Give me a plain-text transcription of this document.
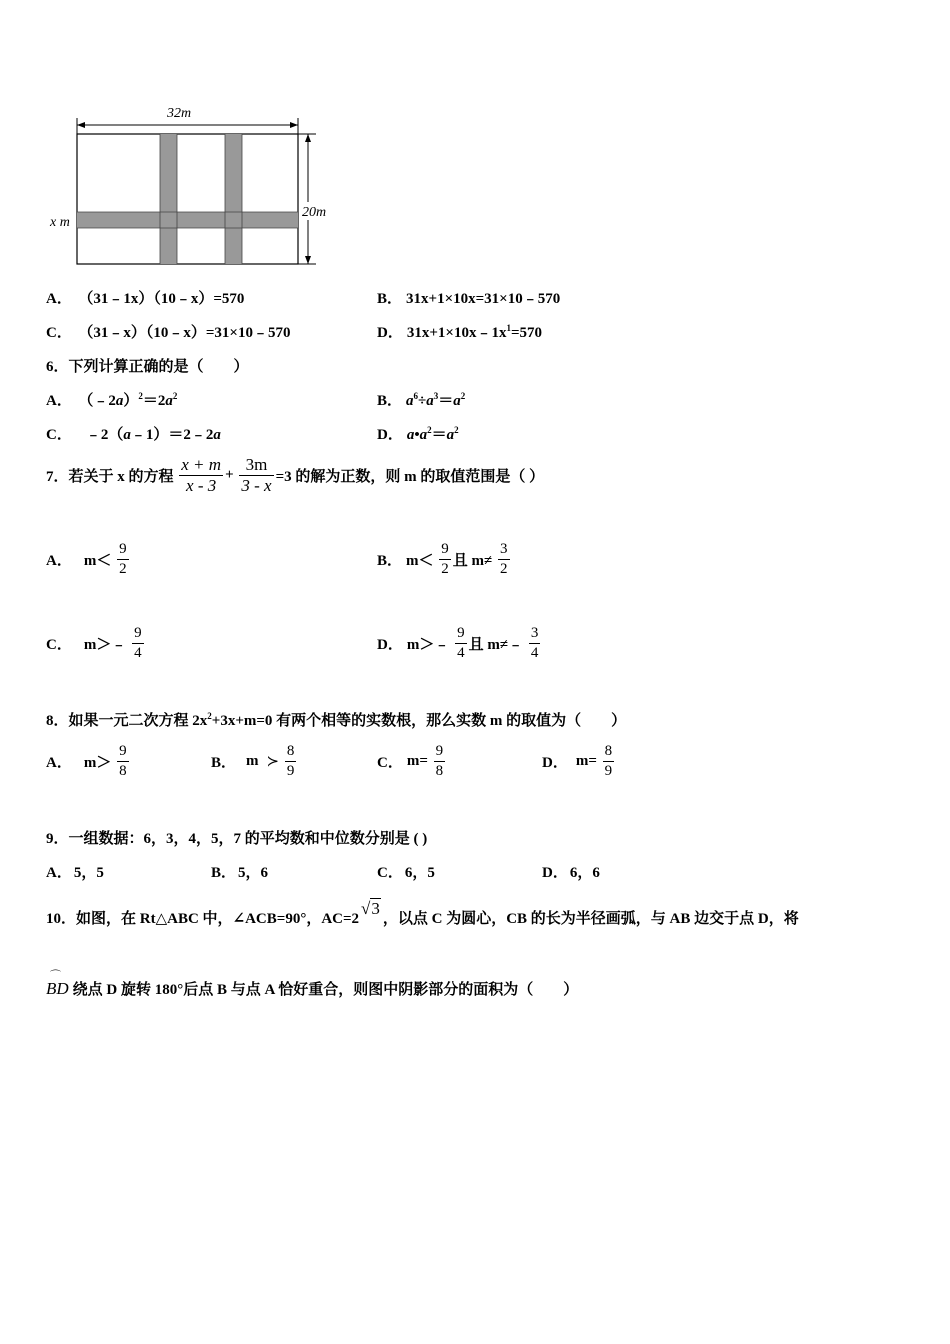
32m
20m
x m
A． （31﹣1x）（10﹣x）=570	B． 31x+1×10x=31×10﹣570
C． （31﹣x）（10﹣x）=31×10﹣570	D． $31x+1\times 10x﹣1x^1=570$
6．下列计算正确的是（　　）
A． $(﹣2a)^2=2a^2$	B． $a^6\div a^3=a^2$
C． ﹣2（a﹣1）＝2﹣2a	D． $a•a^2=a^2$
7．若关于 x 的方程 $\frac{x + m}{x - 3} + \frac{3m}{3 - x} =3$ 的解为正数，则 m 的取值范围是（ ）
A． $m< \frac{9}{2}$	B． $m< \frac{9}{2}$ 且 $m\ne \frac{3}{2}$
C． m＞﹣ $\frac{9}{4}$	D． m＞﹣ $\frac{9}{4}$ 且 m≠﹣ $\frac{3}{4}$
8．如果一元二次方程 $2x^2+3x+m=0$ 有两个相等的实数根，那么实数 m 的取值为（　　）
A． $m> \frac{9}{8}$	B． m ≻ $\frac{8}{9}$	C． $m= \frac{9}{8}$	D． $m= \frac{8}{9}$
9．一组数据：6，3，4，5，7 的平均数和中位数分别是 ( )
A． 5，5	B． 5，6	C． 6，5	D． 6，6
10．如图，在 Rt△ABC 中，∠ACB=90°，AC=2√3，以点 C 为圆心，CB 的长为半径画弧，与 AB 边交于点 D，将
⌒
BD 绕点 D 旋转 180°后点 B 与点 A 恰好重合，则图中阴影部分的面积为（　　）
